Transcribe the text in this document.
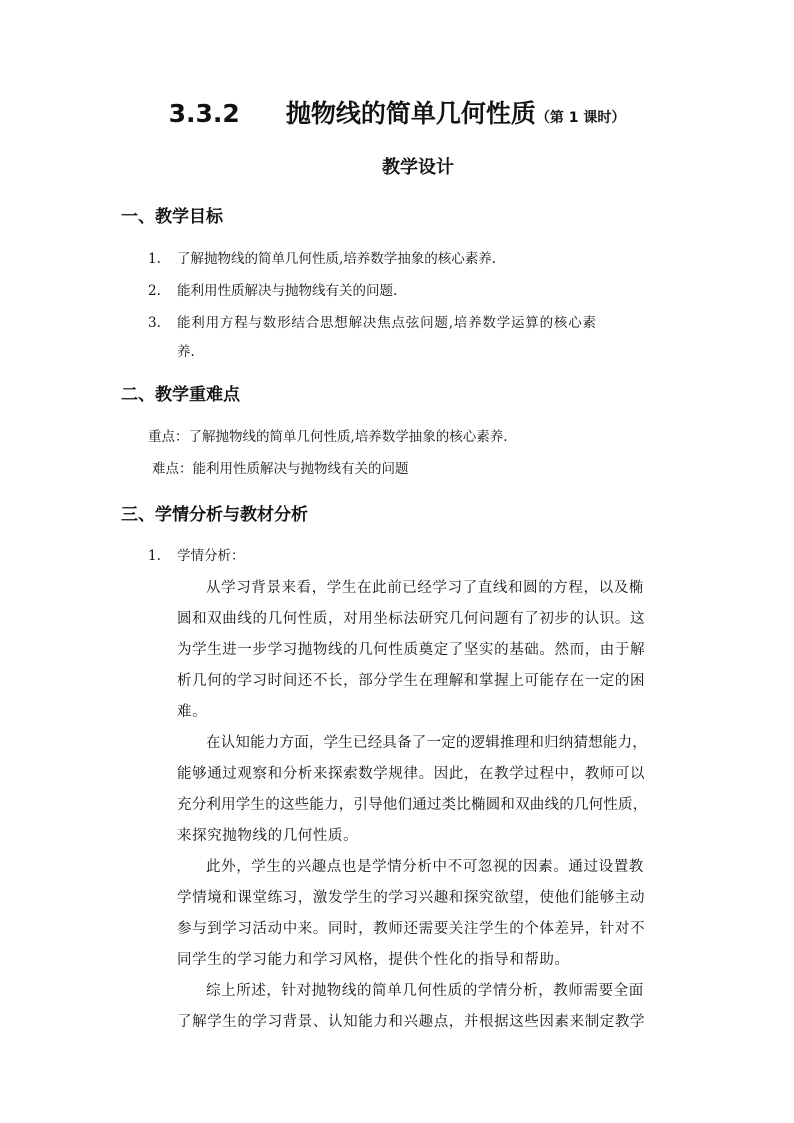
3.3.2 抛物线的简单几何性质（第 1 课时）
教学设计
一、教学目标
1. 了解抛物线的简单几何性质,培养数学抽象的核心素养.
2. 能利用性质解决与抛物线有关的问题.
3. 能利用方程与数形结合思想解决焦点弦问题,培养数学运算的核心素
养.
二、教学重难点
重点：了解抛物线的简单几何性质,培养数学抽象的核心素养.
难点：能利用性质解决与抛物线有关的问题
三、学情分析与教材分析
1. 学情分析：
从学习背景来看，学生在此前已经学习了直线和圆的方程，以及椭
圆和双曲线的几何性质，对用坐标法研究几何问题有了初步的认识。这
为学生进一步学习抛物线的几何性质奠定了坚实的基础。然而，由于解
析几何的学习时间还不长，部分学生在理解和掌握上可能存在一定的困
难。
在认知能力方面，学生已经具备了一定的逻辑推理和归纳猜想能力，
能够通过观察和分析来探索数学规律。因此，在教学过程中，教师可以
充分利用学生的这些能力，引导他们通过类比椭圆和双曲线的几何性质，
来探究抛物线的几何性质。
此外，学生的兴趣点也是学情分析中不可忽视的因素。通过设置教
学情境和课堂练习，激发学生的学习兴趣和探究欲望，使他们能够主动
参与到学习活动中来。同时，教师还需要关注学生的个体差异，针对不
同学生的学习能力和学习风格，提供个性化的指导和帮助。
综上所述，针对抛物线的简单几何性质的学情分析，教师需要全面
了解学生的学习背景、认知能力和兴趣点，并根据这些因素来制定教学
